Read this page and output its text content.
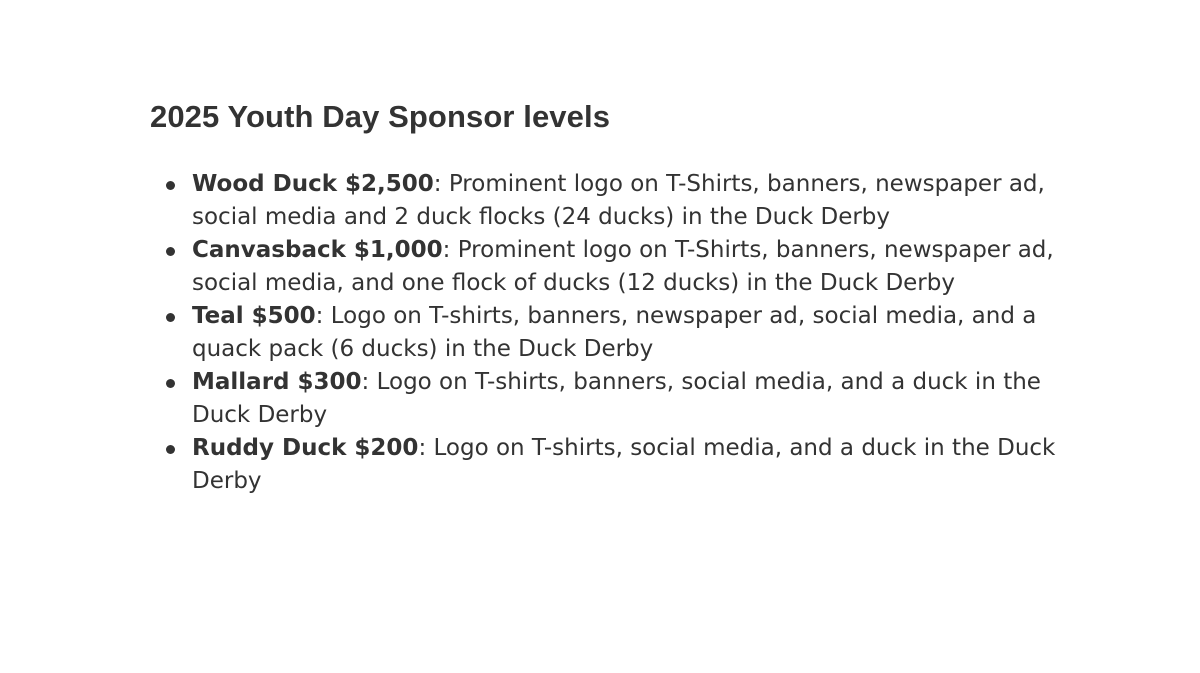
2025 Youth Day Sponsor levels
Wood Duck $2,500: Prominent logo on T-Shirts, banners, newspaper ad, social media and 2 duck flocks (24 ducks) in the Duck Derby
Canvasback $1,000: Prominent logo on T-Shirts, banners, newspaper ad, social media, and one flock of ducks (12 ducks) in the Duck Derby
Teal $500: Logo on T-shirts, banners, newspaper ad, social media, and a quack pack (6 ducks) in the Duck Derby
Mallard $300: Logo on T-shirts, banners, social media, and a duck in the Duck Derby
Ruddy Duck $200: Logo on T-shirts, social media, and a duck in the Duck Derby
